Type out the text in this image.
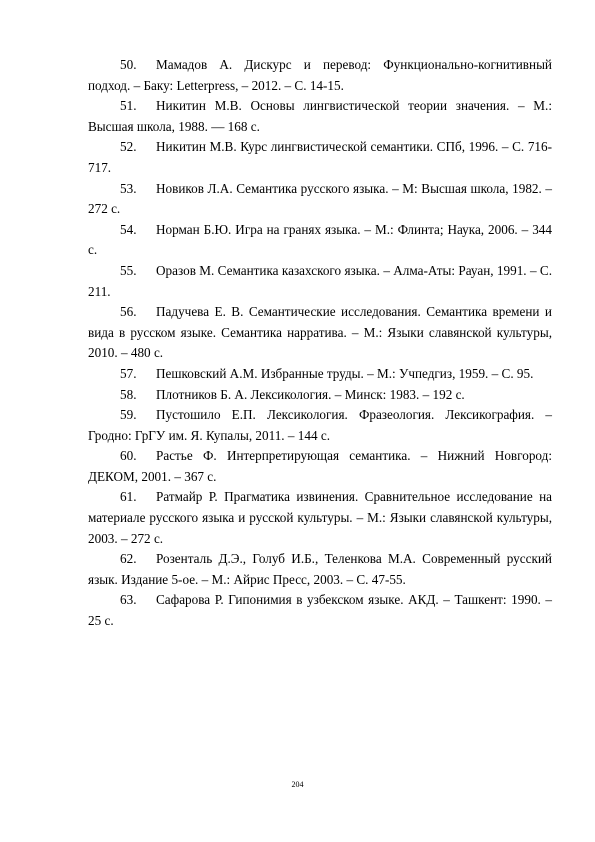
50. Мамадов А. Дискурс и перевод: Функционально-когнитивный подход. – Баку: Letterpress, – 2012. – С. 14-15.
51. Никитин М.В. Основы лингвистической теории значения. – М.: Высшая школа, 1988. — 168 с.
52. Никитин М.В. Курс лингвистической семантики. СПб, 1996. – С. 716-717.
53. Новиков Л.А. Семантика русского языка. – М: Высшая школа, 1982. – 272 с.
54. Норман Б.Ю. Игра на гранях языка. – М.: Флинта; Наука, 2006. – 344 с.
55. Оразов М. Семантика казахского языка. – Алма-Аты: Рауан, 1991. – С. 211.
56. Падучева Е. В. Семантические исследования. Семантика времени и вида в русском языке. Семантика нарратива. – М.: Языки славянской культуры, 2010. – 480 с.
57. Пешковский А.М. Избранные труды. – М.: Учпедгиз, 1959. – С. 95.
58. Плотников Б. А. Лексикология. – Минск: 1983. – 192 с.
59. Пустошило Е.П. Лексикология. Фразеология. Лексикография. – Гродно: ГрГУ им. Я. Купалы, 2011. – 144 с.
60. Растье Ф. Интерпретирующая семантика. – Нижний Новгород: ДЕКОМ, 2001. – 367 с.
61. Ратмайр Р. Прагматика извинения. Сравнительное исследование на материале русского языка и русской культуры. – М.: Языки славянской культуры, 2003. – 272 с.
62. Розенталь Д.Э., Голуб И.Б., Теленкова М.А. Современный русский язык. Издание 5-ое. – М.: Айрис Пресс, 2003. – С. 47-55.
63. Сафарова Р. Гипонимия в узбекском языке. АКД. – Ташкент: 1990. – 25 с.
204
